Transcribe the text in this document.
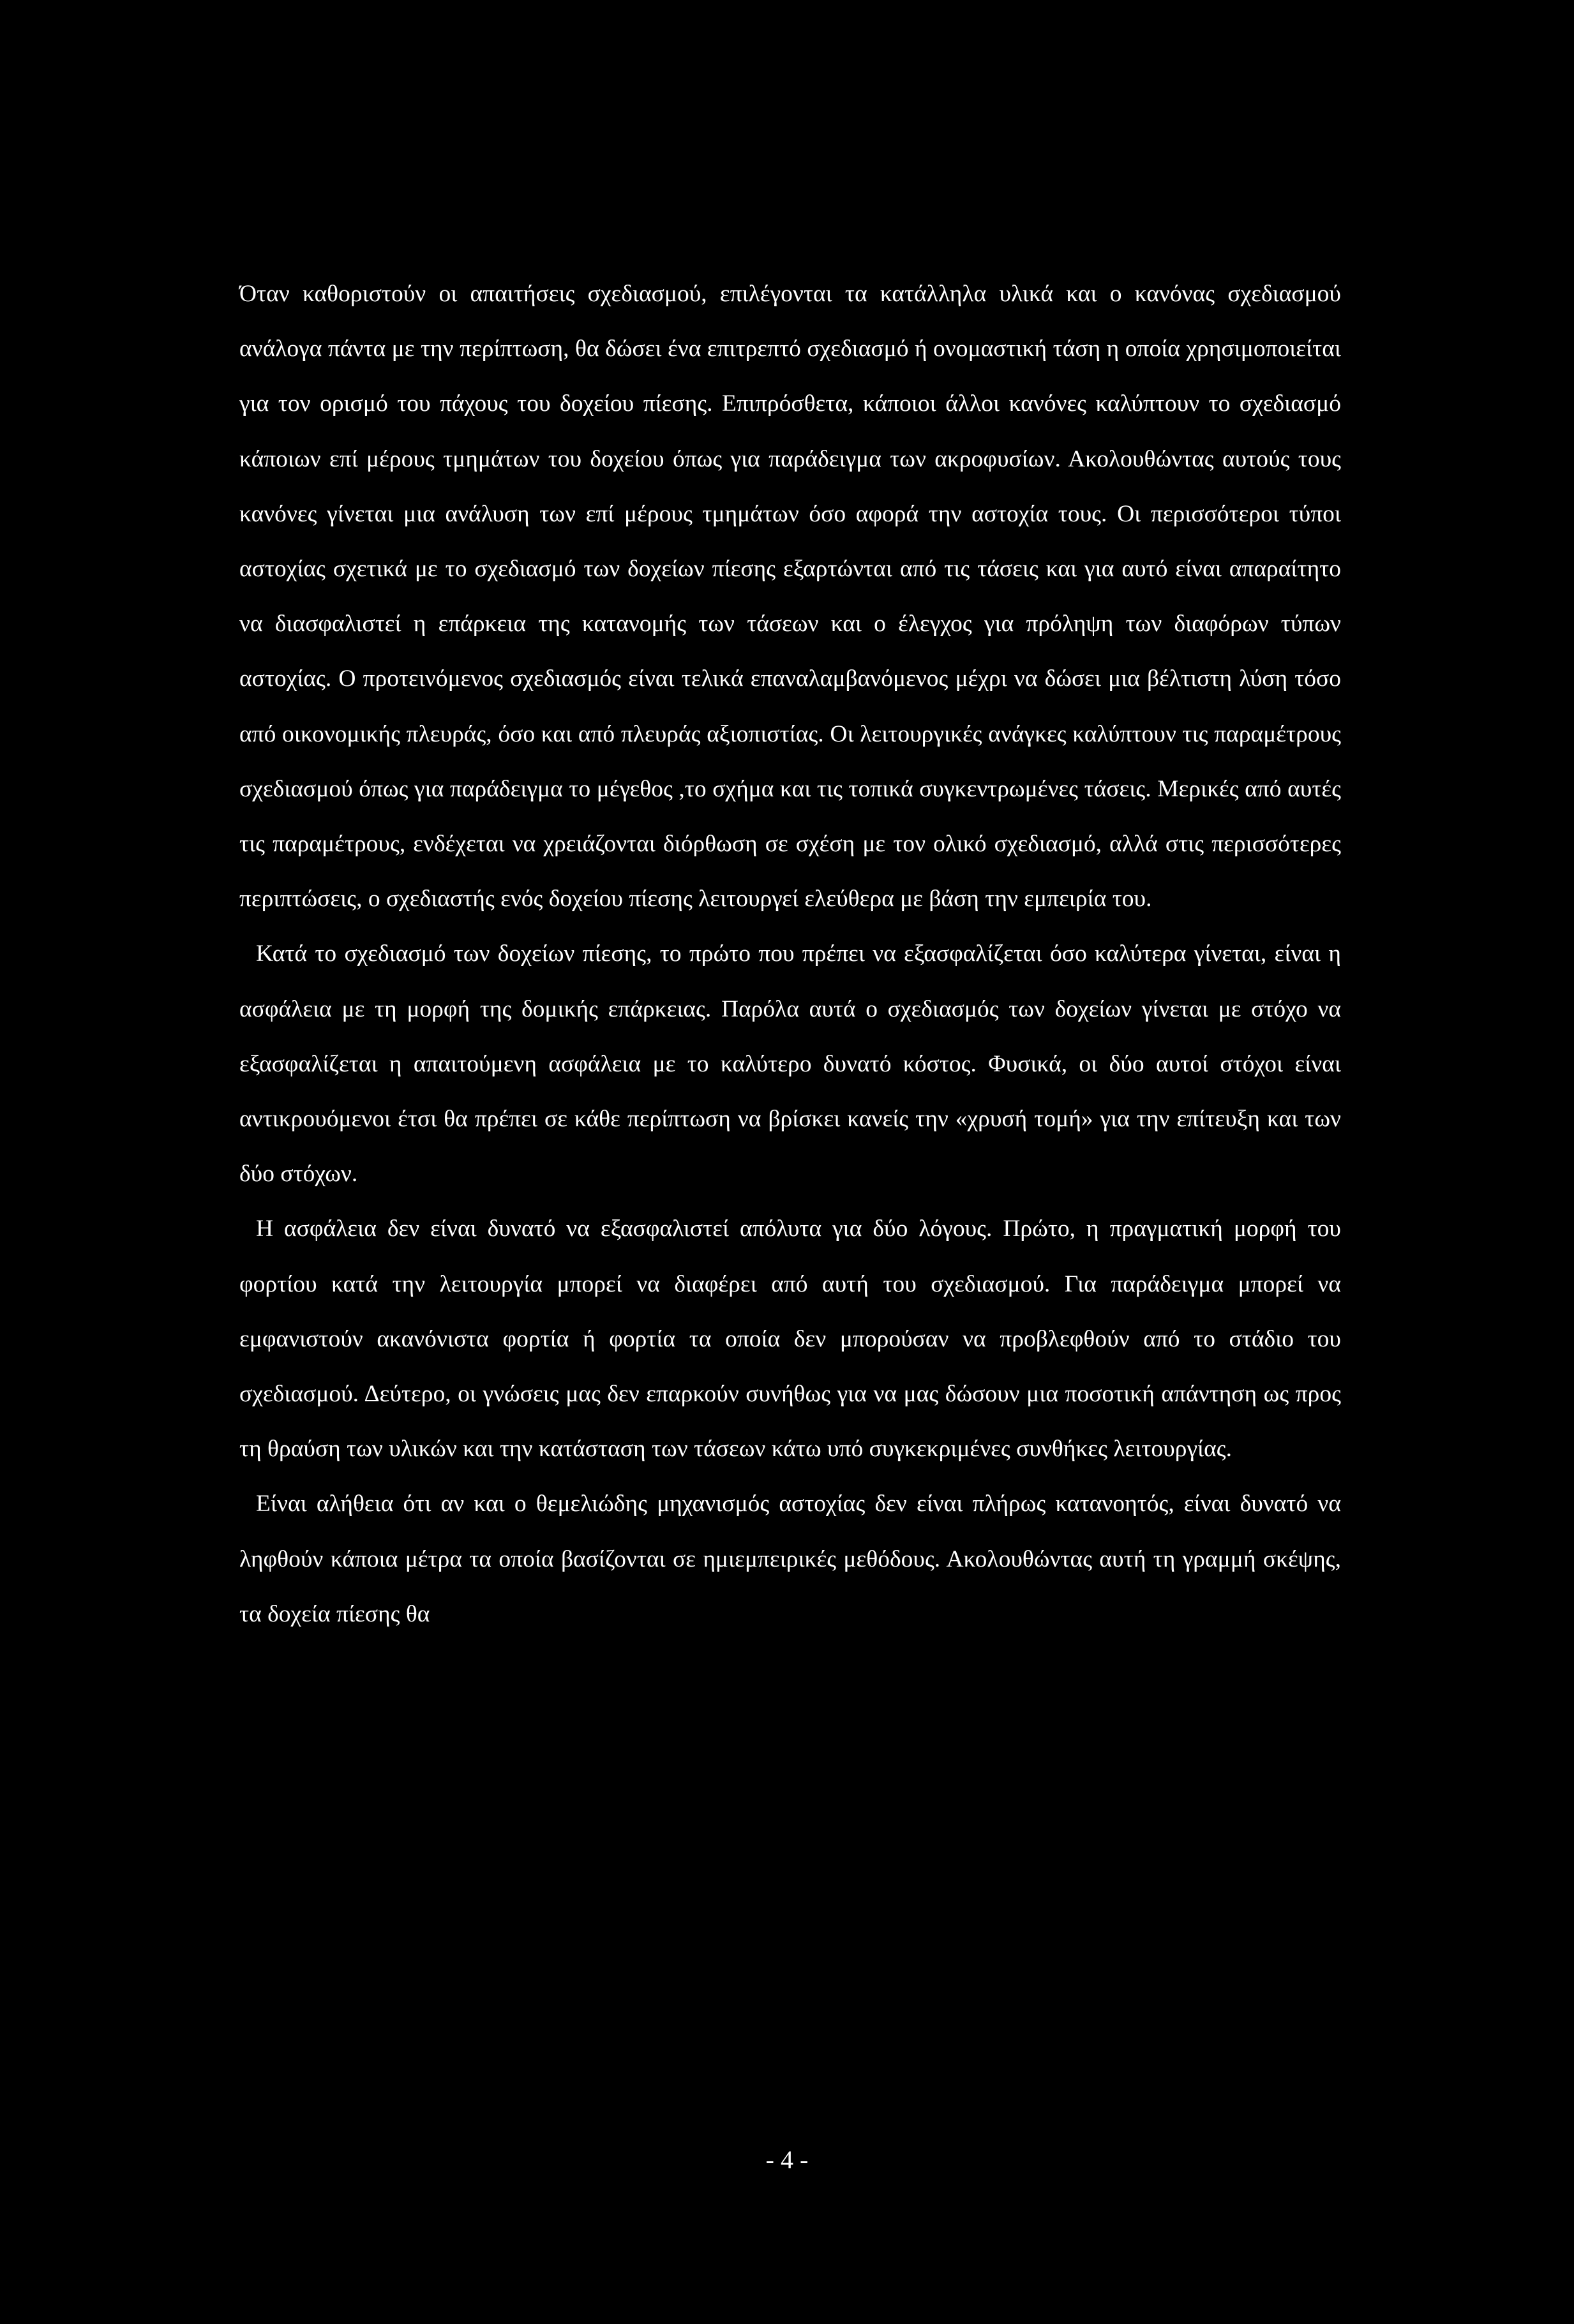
Όταν καθοριστούν οι απαιτήσεις σχεδιασμού, επιλέγονται τα κατάλληλα υλικά και ο κανόνας σχεδιασμού ανάλογα πάντα με την περίπτωση, θα δώσει ένα επιτρεπτό σχεδιασμό ή ονομαστική τάση η οποία χρησιμοποιείται για τον ορισμό του πάχους του δοχείου πίεσης. Επιπρόσθετα, κάποιοι άλλοι κανόνες καλύπτουν το σχεδιασμό κάποιων επί μέρους τμημάτων του δοχείου όπως για παράδειγμα των ακροφυσίων. Ακολουθώντας αυτούς τους κανόνες γίνεται μια ανάλυση των επί μέρους τμημάτων όσο αφορά την αστοχία τους. Οι περισσότεροι τύποι αστοχίας σχετικά με το σχεδιασμό των δοχείων πίεσης εξαρτώνται από τις τάσεις και για αυτό είναι απαραίτητο να διασφαλιστεί η επάρκεια της κατανομής των τάσεων και ο έλεγχος για πρόληψη των διαφόρων τύπων αστοχίας. Ο προτεινόμενος σχεδιασμός είναι τελικά επαναλαμβανόμενος μέχρι να δώσει μια βέλτιστη λύση τόσο από οικονομικής πλευράς, όσο και από πλευράς αξιοπιστίας. Οι λειτουργικές ανάγκες καλύπτουν τις παραμέτρους σχεδιασμού όπως για παράδειγμα το μέγεθος ,το σχήμα και τις τοπικά συγκεντρωμένες τάσεις. Μερικές από αυτές τις παραμέτρους, ενδέχεται να χρειάζονται διόρθωση σε σχέση με τον ολικό σχεδιασμό, αλλά στις περισσότερες περιπτώσεις, ο σχεδιαστής ενός δοχείου πίεσης λειτουργεί ελεύθερα με βάση την εμπειρία του.

Κατά το σχεδιασμό των δοχείων πίεσης, το πρώτο που πρέπει να εξασφαλίζεται όσο καλύτερα γίνεται, είναι η ασφάλεια με τη μορφή της δομικής επάρκειας. Παρόλα αυτά ο σχεδιασμός των δοχείων γίνεται με στόχο να εξασφαλίζεται η απαιτούμενη ασφάλεια με το καλύτερο δυνατό κόστος. Φυσικά, οι δύο αυτοί στόχοι είναι αντικρουόμενοι έτσι θα πρέπει σε κάθε περίπτωση να βρίσκει κανείς την «χρυσή τομή» για την επίτευξη και των δύο στόχων.

Η ασφάλεια δεν είναι δυνατό να εξασφαλιστεί απόλυτα για δύο λόγους. Πρώτο, η πραγματική μορφή του φορτίου κατά την λειτουργία μπορεί να διαφέρει από αυτή του σχεδιασμού. Για παράδειγμα μπορεί να εμφανιστούν ακανόνιστα φορτία ή φορτία τα οποία δεν μπορούσαν να προβλεφθούν από το στάδιο του σχεδιασμού. Δεύτερο, οι γνώσεις μας δεν επαρκούν συνήθως για να μας δώσουν μια ποσοτική απάντηση ως προς τη θραύση των υλικών και την κατάσταση των τάσεων κάτω υπό συγκεκριμένες συνθήκες λειτουργίας.

Είναι αλήθεια ότι αν και ο θεμελιώδης μηχανισμός αστοχίας δεν είναι πλήρως κατανοητός, είναι δυνατό να ληφθούν κάποια μέτρα τα οποία βασίζονται σε ημιεμπειρικές μεθόδους. Ακολουθώντας αυτή τη γραμμή σκέψης, τα δοχεία πίεσης θα

- 4 -
